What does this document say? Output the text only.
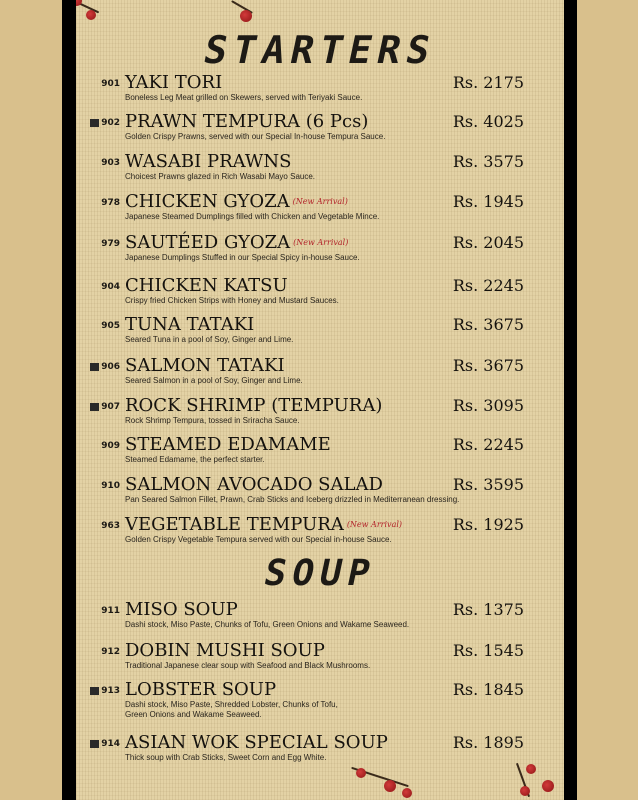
STARTERS
901 YAKI TORI
Boneless Leg Meat grilled on Skewers, served with Teriyaki Sauce.
Rs. 2175
902 PRAWN TEMPURA (6 Pcs)
Golden Crispy Prawns, served with our Special In-house Tempura Sauce.
Rs. 4025
903 WASABI PRAWNS
Choicest Prawns glazed in Rich Wasabi Mayo Sauce.
Rs. 3575
978 CHICKEN GYOZA (New Arrival)
Japanese Steamed Dumplings filled with Chicken and Vegetable Mince.
Rs. 1945
979 SAUTÉED GYOZA (New Arrival)
Japanese Dumplings Stuffed in our Special Spicy in-house Sauce.
Rs. 2045
904 CHICKEN KATSU
Crispy fried Chicken Strips with Honey and Mustard Sauces.
Rs. 2245
905 TUNA TATAKI
Seared Tuna in a pool of Soy, Ginger and Lime.
Rs. 3675
906 SALMON TATAKI
Seared Salmon in a pool of Soy, Ginger and Lime.
Rs. 3675
907 ROCK SHRIMP (TEMPURA)
Rock Shrimp Tempura, tossed in Sriracha Sauce.
Rs. 3095
909 STEAMED EDAMAME
Steamed Edamame, the perfect starter.
Rs. 2245
910 SALMON AVOCADO SALAD
Pan Seared Salmon Fillet, Prawn, Crab Sticks and Iceberg drizzled in Mediterranean dressing.
Rs. 3595
963 VEGETABLE TEMPURA (New Arrival)
Golden Crispy Vegetable Tempura served with our Special in-house Sauce.
Rs. 1925
SOUP
911 MISO SOUP
Dashi stock, Miso Paste, Chunks of Tofu, Green Onions and Wakame Seaweed.
Rs. 1375
912 DOBIN MUSHI SOUP
Traditional Japanese clear soup with Seafood and Black Mushrooms.
Rs. 1545
913 LOBSTER SOUP
Dashi stock, Miso Paste, Shredded Lobster, Chunks of Tofu,
Green Onions and Wakame Seaweed.
Rs. 1845
914 ASIAN WOK SPECIAL SOUP
Thick soup with Crab Sticks, Sweet Corn and Egg White.
Rs. 1895
